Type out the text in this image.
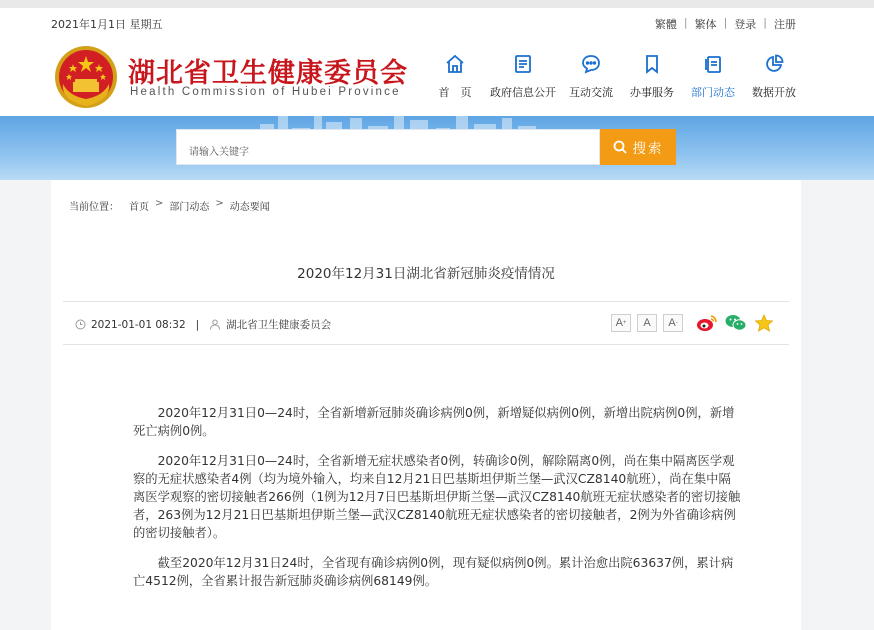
2021年1月1日 星期五	繁體 | 繁体 | 登录 | 注册
湖北省卫生健康委员会
Health Commission of Hubei Province	首　页	政府信息公开	互动交流	办事服务	部门动态	数据开放
请输入关键字	搜索
当前位置： 首页 > 部门动态 > 动态要闻
2020年12月31日湖北省新冠肺炎疫情情况
2021-01-01 08:32 |	湖北省卫生健康委员会	A + A A -

2020年12月31日0—24时，全省新增新冠肺炎确诊病例0例，新增疑似病例0例，新增出院病例0例，新增死亡病例0例。

2020年12月31日0—24时，全省新增无症状感染者0例，转确诊0例，解除隔离0例，尚在集中隔离医学观察的无症状感染者4例（均为境外输入，均来自12月21日巴基斯坦伊斯兰堡—武汉CZ8140航班），尚在集中隔离医学观察的密切接触者266例（1例为12月7日巴基斯坦伊斯兰堡—武汉CZ8140航班无症状感染者的密切接触者，263例为12月21日巴基斯坦伊斯兰堡—武汉CZ8140航班无症状感染者的密切接触者，2例为外省确诊病例的密切接触者）。

截至2020年12月31日24时，全省现有确诊病例0例，现有疑似病例0例。累计治愈出院63637例，累计病亡4512例，全省累计报告新冠肺炎确诊病例68149例。
